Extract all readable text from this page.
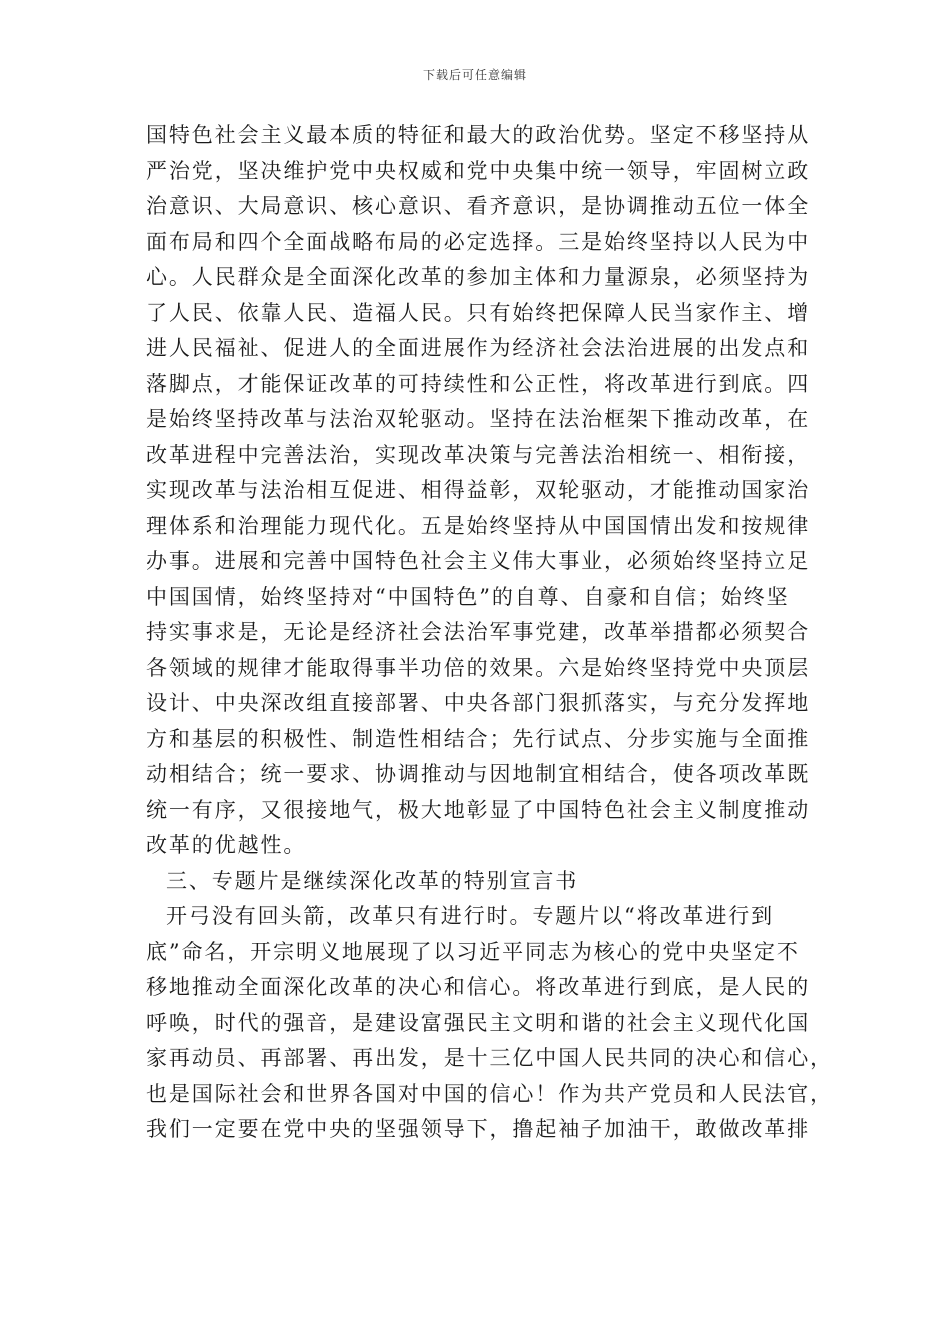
下载后可任意编辑
国特色社会主义最本质的特征和最大的政治优势。坚定不移坚持从
严治党，坚决维护党中央权威和党中央集中统一领导，牢固树立政
治意识、大局意识、核心意识、看齐意识，是协调推动五位一体全
面布局和四个全面战略布局的必定选择。三是始终坚持以人民为中
心。人民群众是全面深化改革的参加主体和力量源泉，必须坚持为
了人民、依靠人民、造福人民。只有始终把保障人民当家作主、增
进人民福祉、促进人的全面进展作为经济社会法治进展的出发点和
落脚点，才能保证改革的可持续性和公正性，将改革进行到底。四
是始终坚持改革与法治双轮驱动。坚持在法治框架下推动改革，在
改革进程中完善法治，实现改革决策与完善法治相统一、相衔接，
实现改革与法治相互促进、相得益彰，双轮驱动，才能推动国家治
理体系和治理能力现代化。五是始终坚持从中国国情出发和按规律
办事。进展和完善中国特色社会主义伟大事业，必须始终坚持立足
中国国情，始终坚持对“中国特色”的自尊、自豪和自信；始终坚
持实事求是，无论是经济社会法治军事党建，改革举措都必须契合
各领域的规律才能取得事半功倍的效果。六是始终坚持党中央顶层
设计、中央深改组直接部署、中央各部门狠抓落实，与充分发挥地
方和基层的积极性、制造性相结合；先行试点、分步实施与全面推
动相结合；统一要求、协调推动与因地制宜相结合，使各项改革既
统一有序，又很接地气，极大地彰显了中国特色社会主义制度推动
改革的优越性。
三、专题片是继续深化改革的特别宣言书
开弓没有回头箭，改革只有进行时。专题片以“将改革进行到
底”命名，开宗明义地展现了以习近平同志为核心的党中央坚定不
移地推动全面深化改革的决心和信心。将改革进行到底，是人民的
呼唤，时代的强音，是建设富强民主文明和谐的社会主义现代化国
家再动员、再部署、再出发，是十三亿中国人民共同的决心和信心，
也是国际社会和世界各国对中国的信心！作为共产党员和人民法官，
我们一定要在党中央的坚强领导下，撸起袖子加油干，敢做改革排
